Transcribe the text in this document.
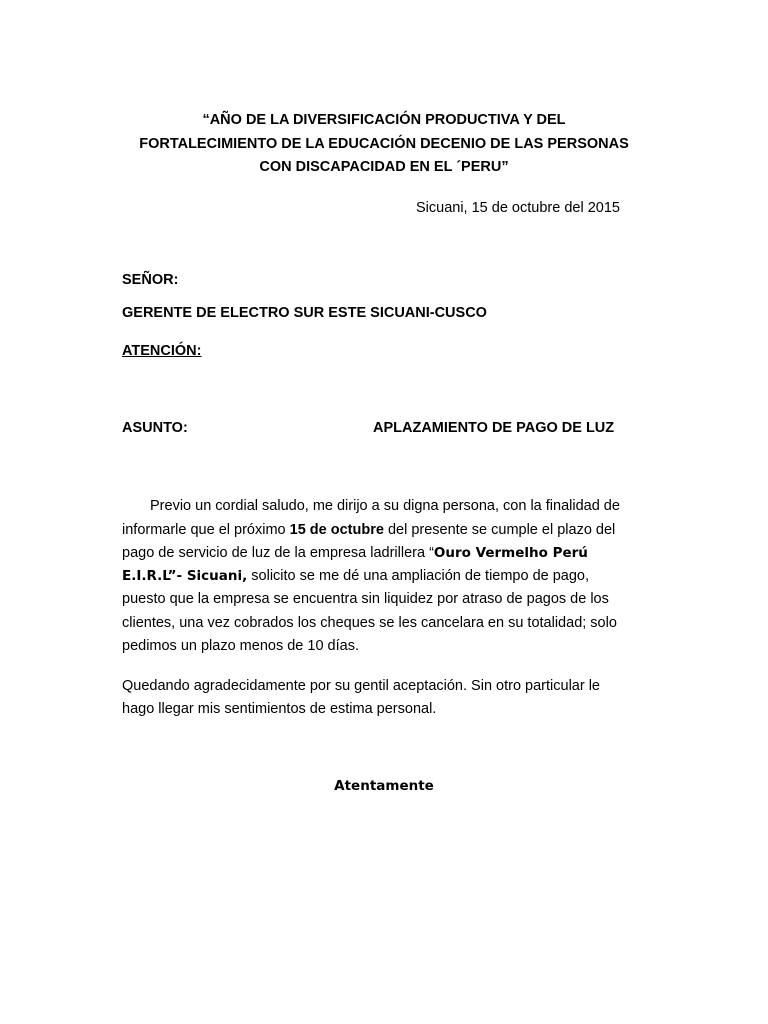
“AÑO DE LA DIVERSIFICACIÓN PRODUCTIVA Y DEL
FORTALECIMIENTO DE LA EDUCACIÓN DECENIO DE LAS PERSONAS
CON DISCAPACIDAD EN EL ´PERU”
Sicuani, 15 de octubre del 2015
SEÑOR:
GERENTE DE ELECTRO SUR ESTE SICUANI-CUSCO
ATENCIÓN:
ASUNTO:	APLAZAMIENTO DE PAGO DE LUZ
Previo un cordial saludo, me dirijo a su digna persona, con la finalidad de
informarle que el próximo 15 de octubre del presente se cumple el plazo del
pago de servicio de luz de la empresa ladrillera “Ouro Vermelho Perú
E.I.R.L”- Sicuani, solicito se me dé una ampliación de tiempo de pago,
puesto que la empresa se encuentra sin liquidez por atraso de pagos de los
clientes, una vez cobrados los cheques se les cancelara en su totalidad; solo
pedimos un plazo menos de 10 días.
Quedando agradecidamente por su gentil aceptación. Sin otro particular le
hago llegar mis sentimientos de estima personal.
Atentamente
